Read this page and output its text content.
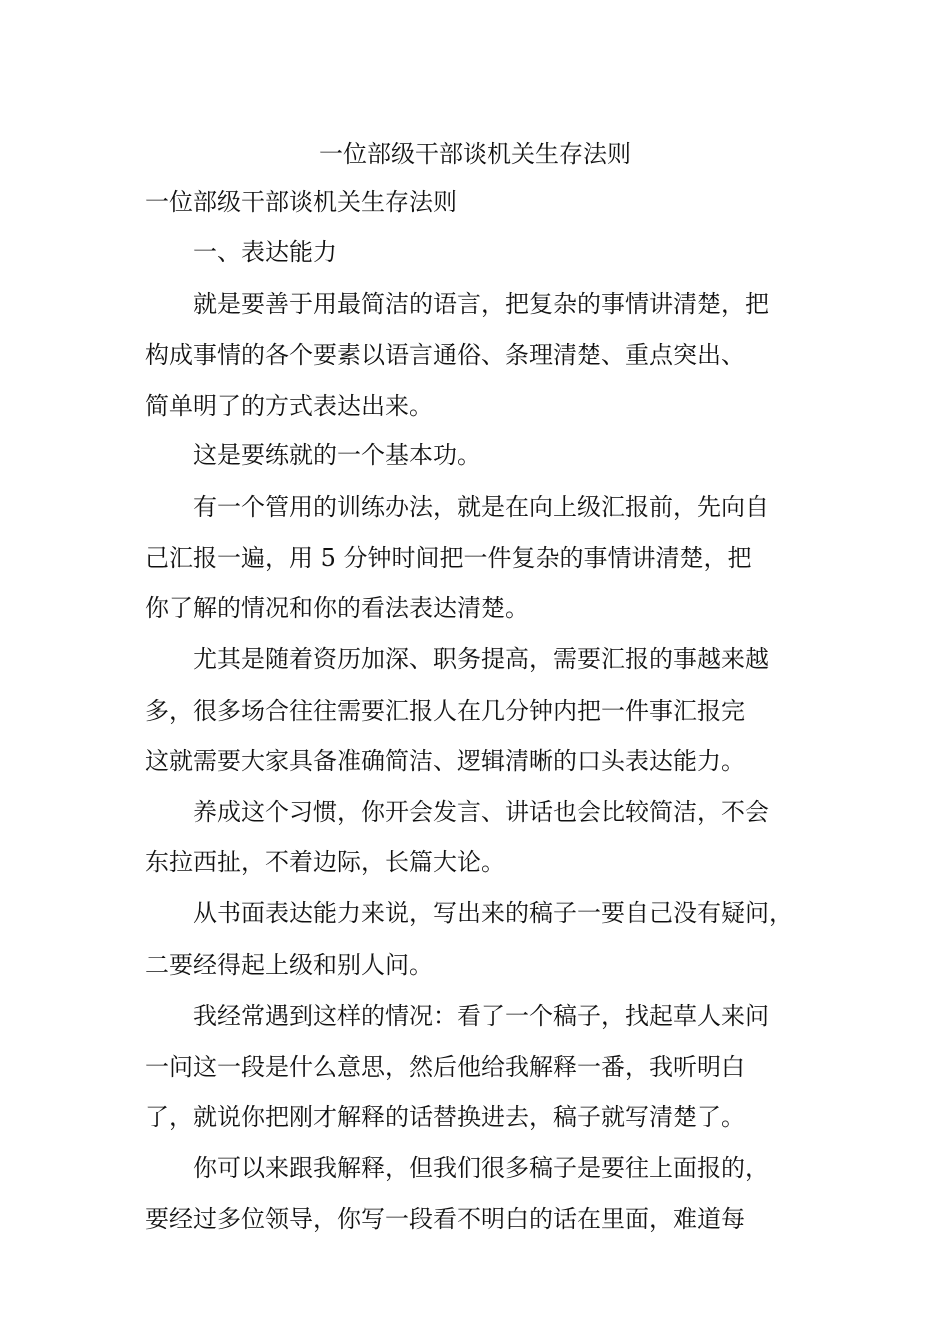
一位部级干部谈机关生存法则
一位部级干部谈机关生存法则
一、表达能力
就是要善于用最简洁的语言，把复杂的事情讲清楚，把
构成事情的各个要素以语言通俗、条理清楚、重点突出、
简单明了的方式表达出来。
这是要练就的一个基本功。
有一个管用的训练办法，就是在向上级汇报前，先向自
己汇报一遍，用 5 分钟时间把一件复杂的事情讲清楚，把
你了解的情况和你的看法表达清楚。
尤其是随着资历加深、职务提高，需要汇报的事越来越
多，很多场合往往需要汇报人在几分钟内把一件事汇报完
这就需要大家具备准确简洁、逻辑清晰的口头表达能力。
养成这个习惯，你开会发言、讲话也会比较简洁，不会
东拉西扯，不着边际，长篇大论。
从书面表达能力来说，写出来的稿子一要自己没有疑问，
二要经得起上级和别人问。
我经常遇到这样的情况：看了一个稿子，找起草人来问
一问这一段是什么意思，然后他给我解释一番，我听明白
了，就说你把刚才解释的话替换进去，稿子就写清楚了。
你可以来跟我解释，但我们很多稿子是要往上面报的，
要经过多位领导，你写一段看不明白的话在里面，难道每
